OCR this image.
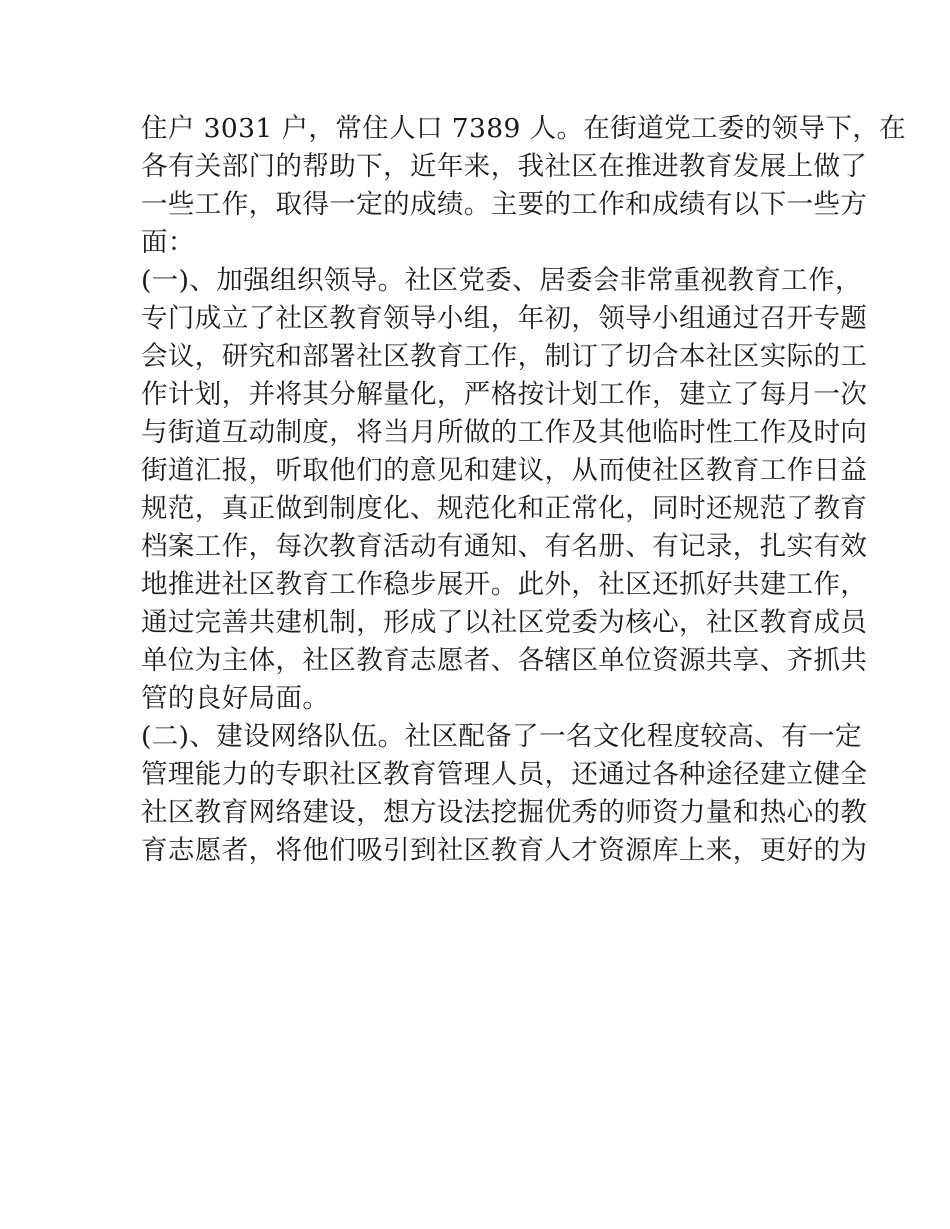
住户 3031 户，常住人口 7389 人。在街道党工委的领导下，在
各有关部门的帮助下，近年来，我社区在推进教育发展上做了
一些工作，取得一定的成绩。主要的工作和成绩有以下一些方
面：
(一)、加强组织领导。社区党委、居委会非常重视教育工作，
专门成立了社区教育领导小组，年初，领导小组通过召开专题
会议，研究和部署社区教育工作，制订了切合本社区实际的工
作计划，并将其分解量化，严格按计划工作，建立了每月一次
与街道互动制度，将当月所做的工作及其他临时性工作及时向
街道汇报，听取他们的意见和建议，从而使社区教育工作日益
规范，真正做到制度化、规范化和正常化，同时还规范了教育
档案工作，每次教育活动有通知、有名册、有记录，扎实有效
地推进社区教育工作稳步展开。此外，社区还抓好共建工作，
通过完善共建机制，形成了以社区党委为核心，社区教育成员
单位为主体，社区教育志愿者、各辖区单位资源共享、齐抓共
管的良好局面。
(二)、建设网络队伍。社区配备了一名文化程度较高、有一定
管理能力的专职社区教育管理人员，还通过各种途径建立健全
社区教育网络建设，想方设法挖掘优秀的师资力量和热心的教
育志愿者，将他们吸引到社区教育人才资源库上来，更好的为
